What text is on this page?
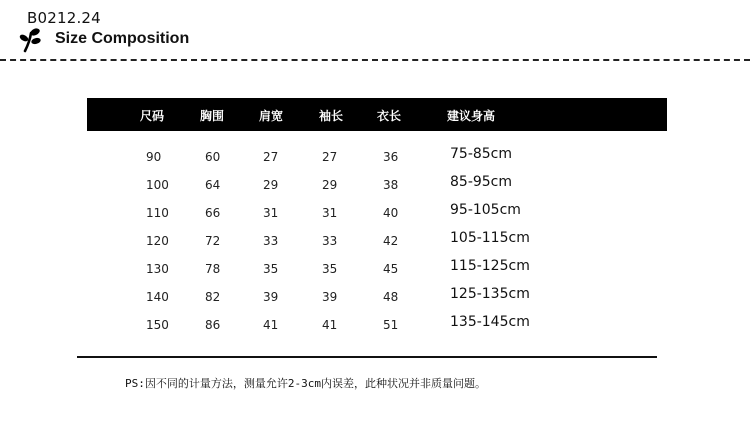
B0212.24
Size Composition
尺码	胸围	肩宽	袖长	衣长	建议身高
90	60	27	27	36	75-85cm
100	64	29	29	38	85-95cm
110	66	31	31	40	95-105cm
120	72	33	33	42	105-115cm
130	78	35	35	45	115-125cm
140	82	39	39	48	125-135cm
150	86	41	41	51	135-145cm
PS:因不同的计量方法，测量允许2-3cm内误差，此种状况并非质量问题。
